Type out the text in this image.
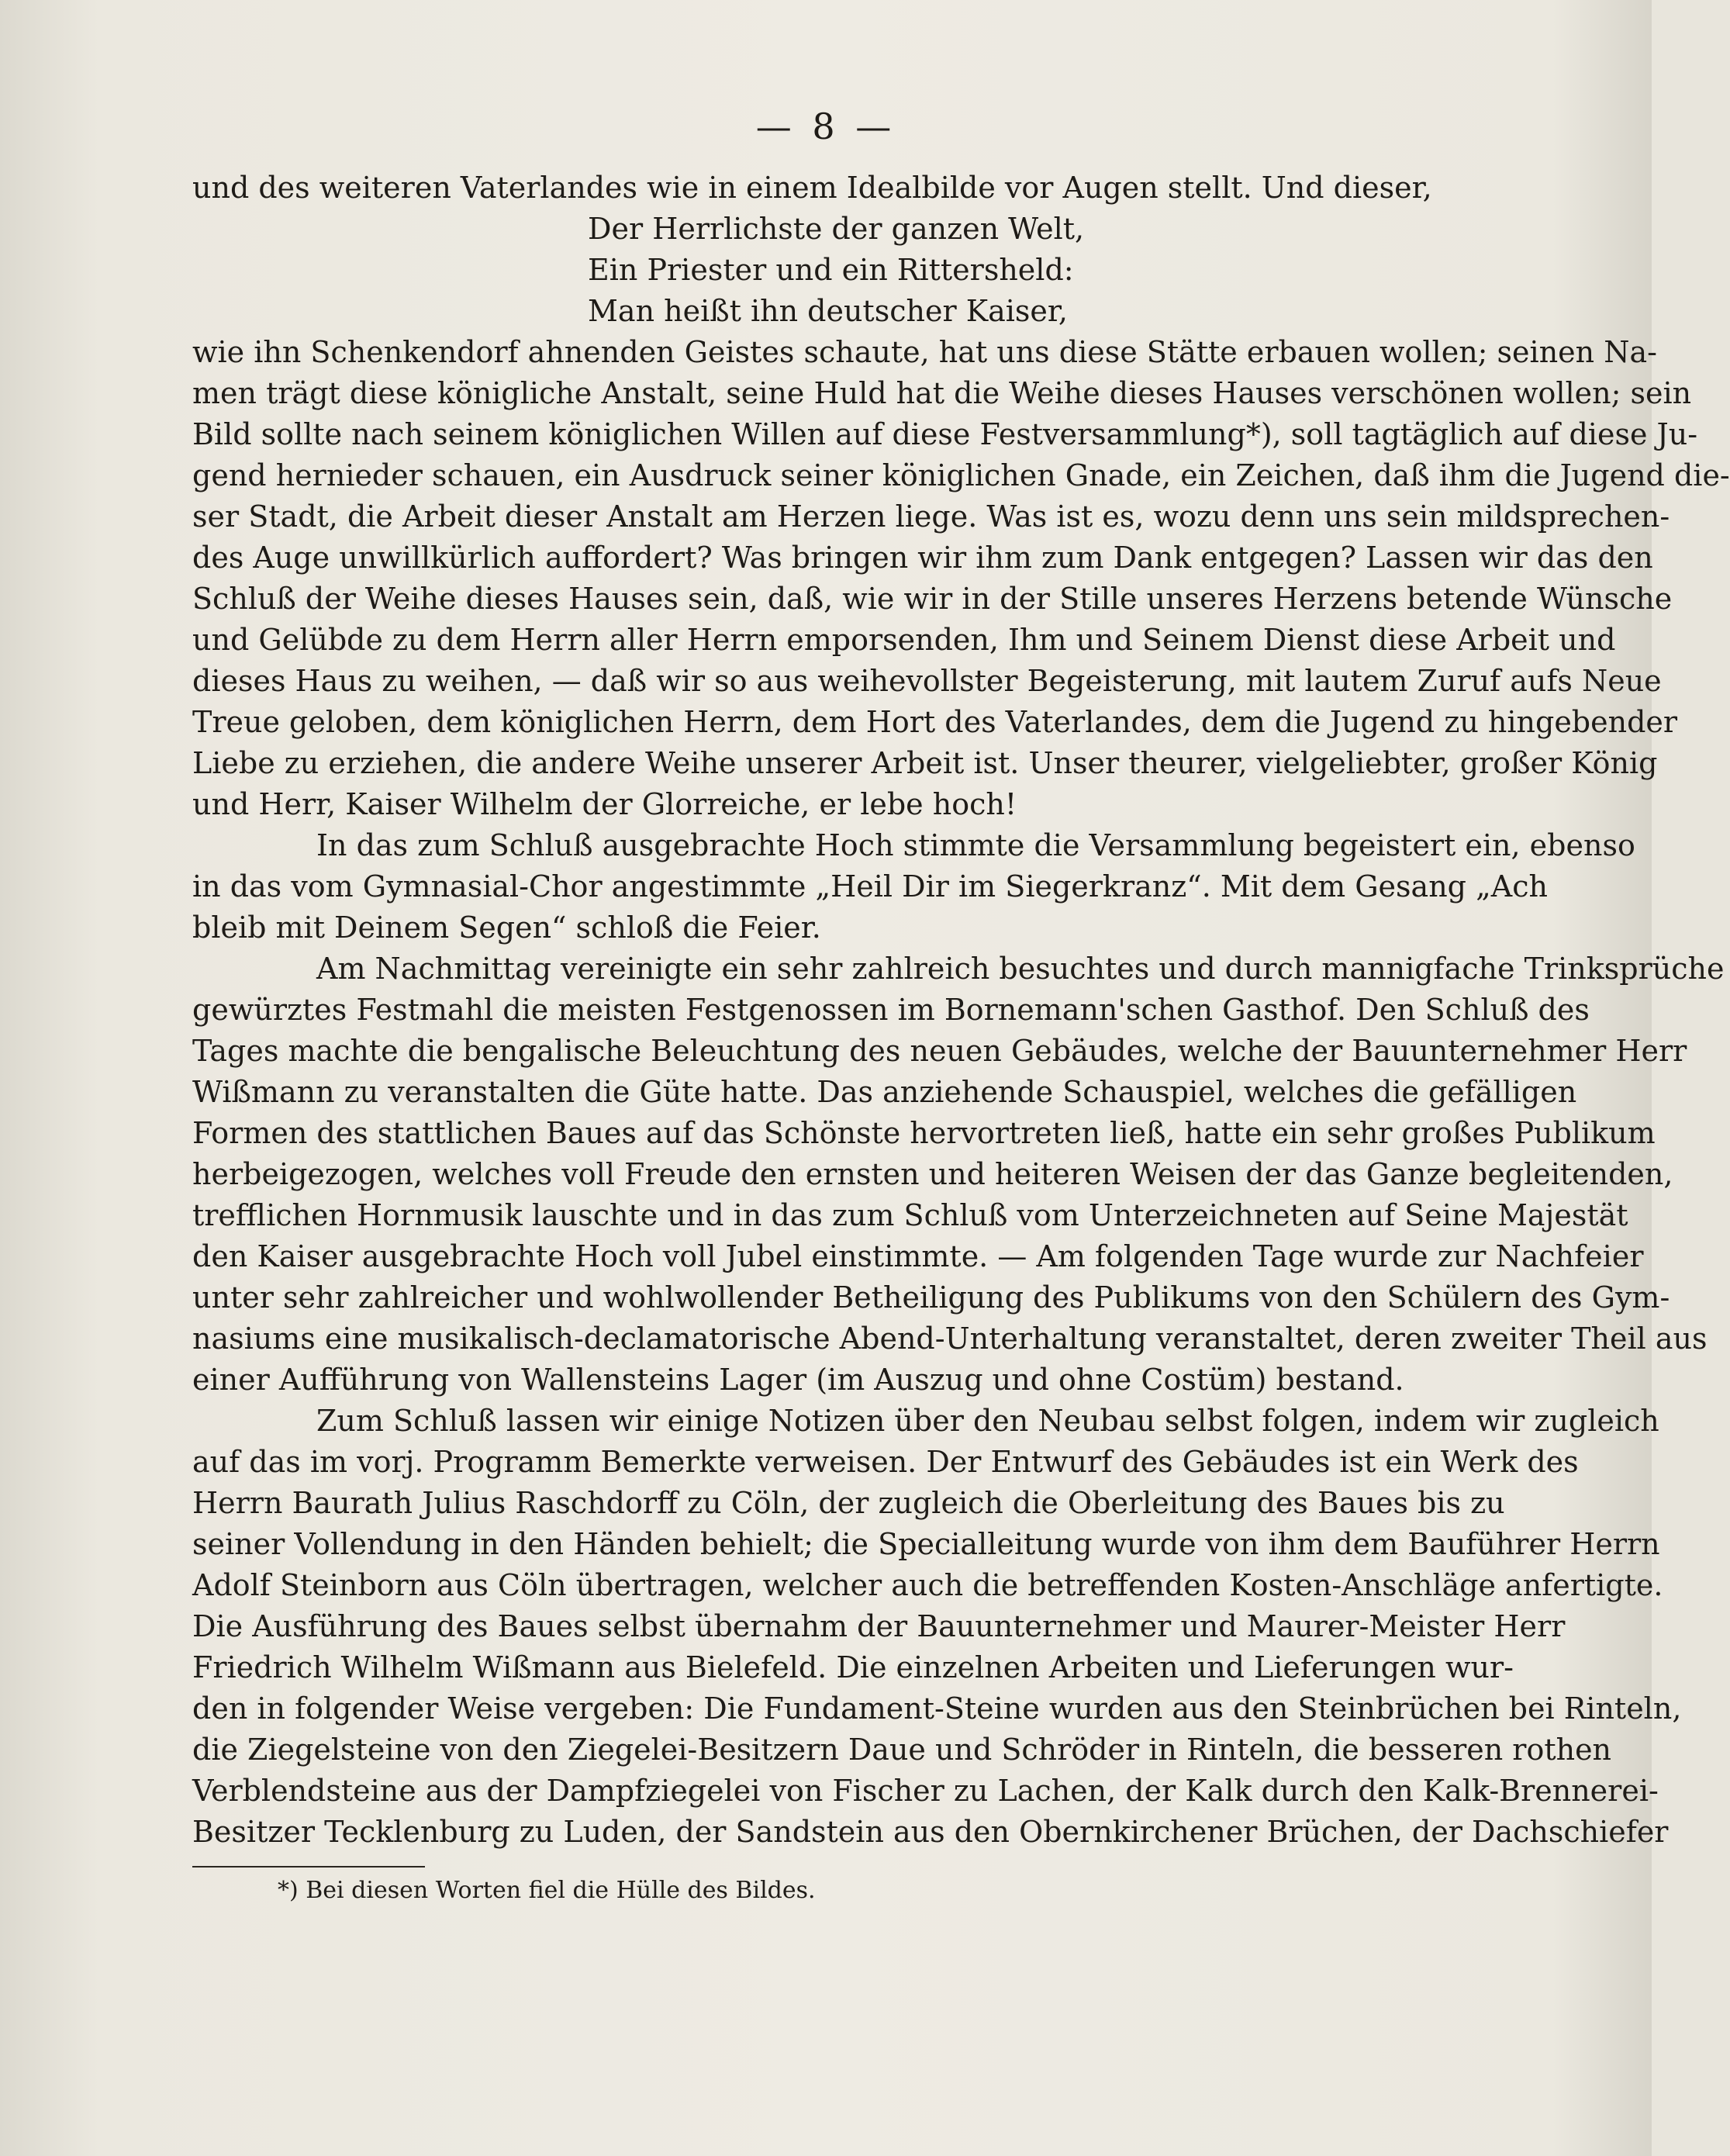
— 8 —
und des weiteren Vaterlandes wie in einem Idealbilde vor Augen stellt. Und dieser,
Der Herrlichste der ganzen Welt,
Ein Priester und ein Rittersheld:
Man heißt ihn deutscher Kaiser,
wie ihn Schenkendorf ahnenden Geistes schaute, hat uns diese Stätte erbauen wollen; seinen Na-
men trägt diese königliche Anstalt, seine Huld hat die Weihe dieses Hauses verschönen wollen; sein
Bild sollte nach seinem königlichen Willen auf diese Festversammlung*), soll tagtäglich auf diese Ju-
gend hernieder schauen, ein Ausdruck seiner königlichen Gnade, ein Zeichen, daß ihm die Jugend die-
ser Stadt, die Arbeit dieser Anstalt am Herzen liege. Was ist es, wozu denn uns sein mildsprechen-
des Auge unwillkürlich auffordert? Was bringen wir ihm zum Dank entgegen? Lassen wir das den
Schluß der Weihe dieses Hauses sein, daß, wie wir in der Stille unseres Herzens betende Wünsche
und Gelübde zu dem Herrn aller Herrn emporsenden, Ihm und Seinem Dienst diese Arbeit und
dieses Haus zu weihen, — daß wir so aus weihevollster Begeisterung, mit lautem Zuruf aufs Neue
Treue geloben, dem königlichen Herrn, dem Hort des Vaterlandes, dem die Jugend zu hingebender
Liebe zu erziehen, die andere Weihe unserer Arbeit ist. Unser theurer, vielgeliebter, großer König
und Herr, Kaiser Wilhelm der Glorreiche, er lebe hoch!
In das zum Schluß ausgebrachte Hoch stimmte die Versammlung begeistert ein, ebenso
in das vom Gymnasial-Chor angestimmte „Heil Dir im Siegerkranz“. Mit dem Gesang „Ach
bleib mit Deinem Segen“ schloß die Feier.
Am Nachmittag vereinigte ein sehr zahlreich besuchtes und durch mannigfache Trinksprüche
gewürztes Festmahl die meisten Festgenossen im Bornemann'schen Gasthof. Den Schluß des
Tages machte die bengalische Beleuchtung des neuen Gebäudes, welche der Bauunternehmer Herr
Wißmann zu veranstalten die Güte hatte. Das anziehende Schauspiel, welches die gefälligen
Formen des stattlichen Baues auf das Schönste hervortreten ließ, hatte ein sehr großes Publikum
herbeigezogen, welches voll Freude den ernsten und heiteren Weisen der das Ganze begleitenden,
trefflichen Hornmusik lauschte und in das zum Schluß vom Unterzeichneten auf Seine Majestät
den Kaiser ausgebrachte Hoch voll Jubel einstimmte. — Am folgenden Tage wurde zur Nachfeier
unter sehr zahlreicher und wohlwollender Betheiligung des Publikums von den Schülern des Gym-
nasiums eine musikalisch-declamatorische Abend-Unterhaltung veranstaltet, deren zweiter Theil aus
einer Aufführung von Wallensteins Lager (im Auszug und ohne Costüm) bestand.
Zum Schluß lassen wir einige Notizen über den Neubau selbst folgen, indem wir zugleich
auf das im vorj. Programm Bemerkte verweisen. Der Entwurf des Gebäudes ist ein Werk des
Herrn Baurath Julius Raschdorff zu Cöln, der zugleich die Oberleitung des Baues bis zu
seiner Vollendung in den Händen behielt; die Specialleitung wurde von ihm dem Bauführer Herrn
Adolf Steinborn aus Cöln übertragen, welcher auch die betreffenden Kosten-Anschläge anfertigte.
Die Ausführung des Baues selbst übernahm der Bauunternehmer und Maurer-Meister Herr
Friedrich Wilhelm Wißmann aus Bielefeld. Die einzelnen Arbeiten und Lieferungen wur-
den in folgender Weise vergeben: Die Fundament-Steine wurden aus den Steinbrüchen bei Rinteln,
die Ziegelsteine von den Ziegelei-Besitzern Daue und Schröder in Rinteln, die besseren rothen
Verblendsteine aus der Dampfziegelei von Fischer zu Lachen, der Kalk durch den Kalk-Brennerei-
Besitzer Tecklenburg zu Luden, der Sandstein aus den Obernkirchener Brüchen, der Dachschiefer
*) Bei diesen Worten fiel die Hülle des Bildes.
